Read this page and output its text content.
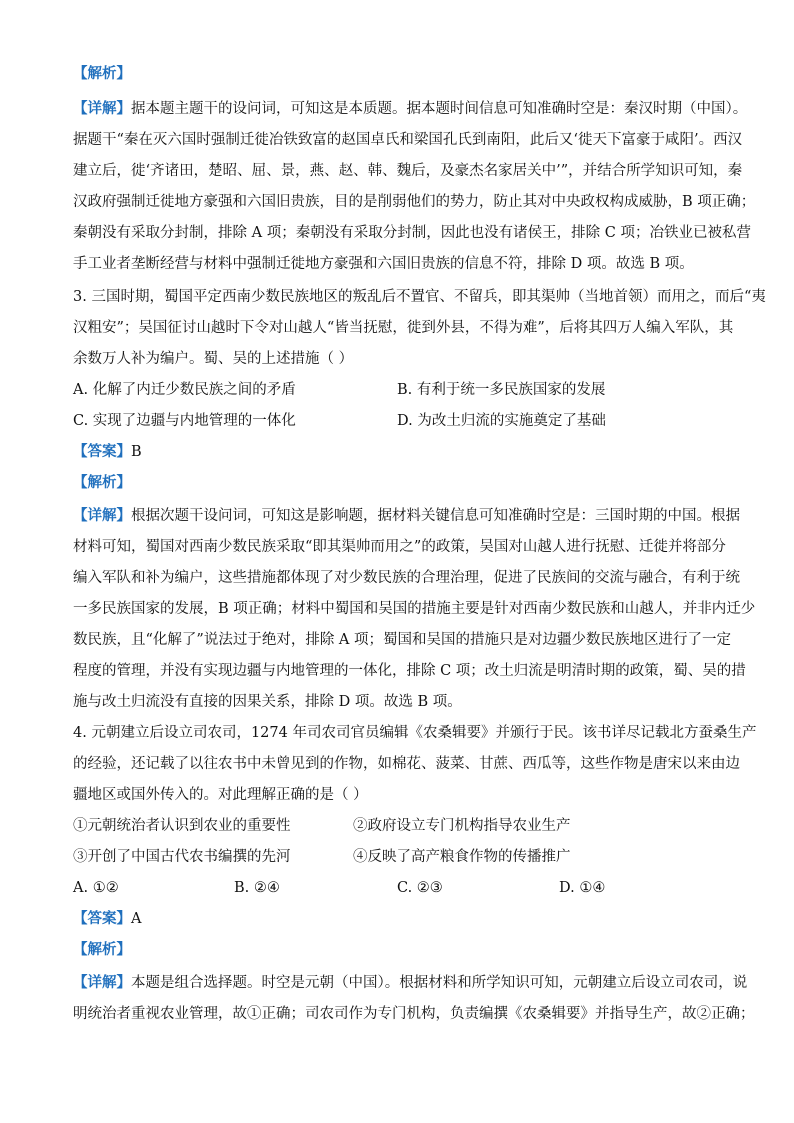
【解析】
【详解】据本题主题干的设问词，可知这是本质题。据本题时间信息可知准确时空是：秦汉时期（中国）。
据题干“秦在灭六国时强制迁徙冶铁致富的赵国卓氏和梁国孔氏到南阳，此后又‘徙天下富豪于咸阳’。西汉
建立后，徙‘齐诸田，楚昭、屈、景，燕、赵、韩、魏后，及豪杰名家居关中’”，并结合所学知识可知，秦
汉政府强制迁徙地方豪强和六国旧贵族，目的是削弱他们的势力，防止其对中央政权构成威胁，B 项正确；
秦朝没有采取分封制，排除 A 项；秦朝没有采取分封制，因此也没有诸侯王，排除 C 项；冶铁业已被私营
手工业者垄断经营与材料中强制迁徙地方豪强和六国旧贵族的信息不符，排除 D 项。故选 B 项。
3. 三国时期，蜀国平定西南少数民族地区的叛乱后不置官、不留兵，即其渠帅（当地首领）而用之，而后“夷
汉粗安”；吴国征讨山越时下令对山越人“皆当抚慰，徙到外县，不得为难”，后将其四万人编入军队，其
余数万人补为编户。蜀、吴的上述措施（ ）
A. 化解了内迁少数民族之间的矛盾	B. 有利于统一多民族国家的发展
C. 实现了边疆与内地管理的一体化	D. 为改土归流的实施奠定了基础
【答案】B
【解析】
【详解】根据次题干设问词，可知这是影响题，据材料关键信息可知准确时空是：三国时期的中国。根据
材料可知，蜀国对西南少数民族采取“即其渠帅而用之”的政策，吴国对山越人进行抚慰、迁徙并将部分
编入军队和补为编户，这些措施都体现了对少数民族的合理治理，促进了民族间的交流与融合，有利于统
一多民族国家的发展，B 项正确；材料中蜀国和吴国的措施主要是针对西南少数民族和山越人，并非内迁少
数民族，且“化解了”说法过于绝对，排除 A 项；蜀国和吴国的措施只是对边疆少数民族地区进行了一定
程度的管理，并没有实现边疆与内地管理的一体化，排除 C 项；改土归流是明清时期的政策，蜀、吴的措
施与改土归流没有直接的因果关系，排除 D 项。故选 B 项。
4. 元朝建立后设立司农司，1274 年司农司官员编辑《农桑辑要》并颁行于民。该书详尽记载北方蚕桑生产
的经验，还记载了以往农书中未曾见到的作物，如棉花、菠菜、甘蔗、西瓜等，这些作物是唐宋以来由边
疆地区或国外传入的。对此理解正确的是（ ）
①元朝统治者认识到农业的重要性	②政府设立专门机构指导农业生产
③开创了中国古代农书编撰的先河	④反映了高产粮食作物的传播推广
A. ①②	B. ②④	C. ②③	D. ①④
【答案】A
【解析】
【详解】本题是组合选择题。时空是元朝（中国）。根据材料和所学知识可知，元朝建立后设立司农司，说
明统治者重视农业管理，故①正确；司农司作为专门机构，负责编撰《农桑辑要》并指导生产，故②正确；
